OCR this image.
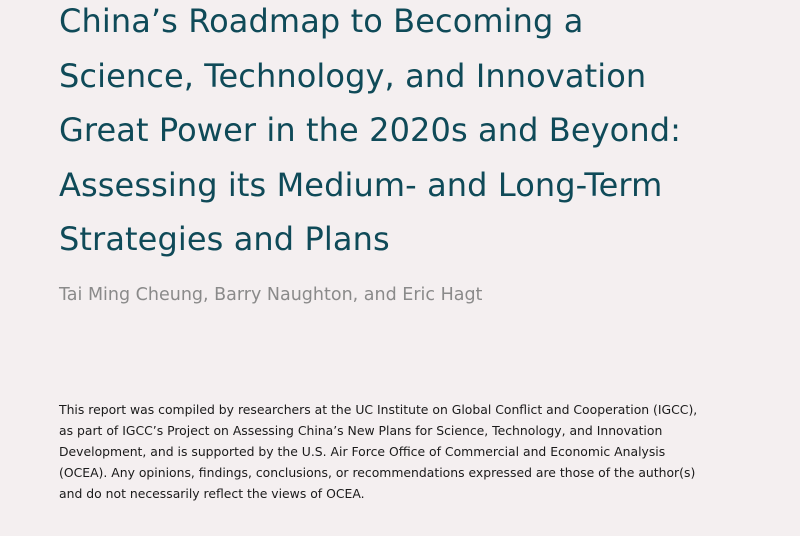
China’s Roadmap to Becoming a
Science, Technology, and Innovation
Great Power in the 2020s and Beyond:
Assessing its Medium- and Long-Term
Strategies and Plans

Tai Ming Cheung, Barry Naughton, and Eric Hagt

This report was compiled by researchers at the UC Institute on Global Conflict and Cooperation (IGCC),
as part of IGCC’s Project on Assessing China’s New Plans for Science, Technology, and Innovation
Development, and is supported by the U.S. Air Force Office of Commercial and Economic Analysis
(OCEA). Any opinions, findings, conclusions, or recommendations expressed are those of the author(s)
and do not necessarily reflect the views of OCEA.
